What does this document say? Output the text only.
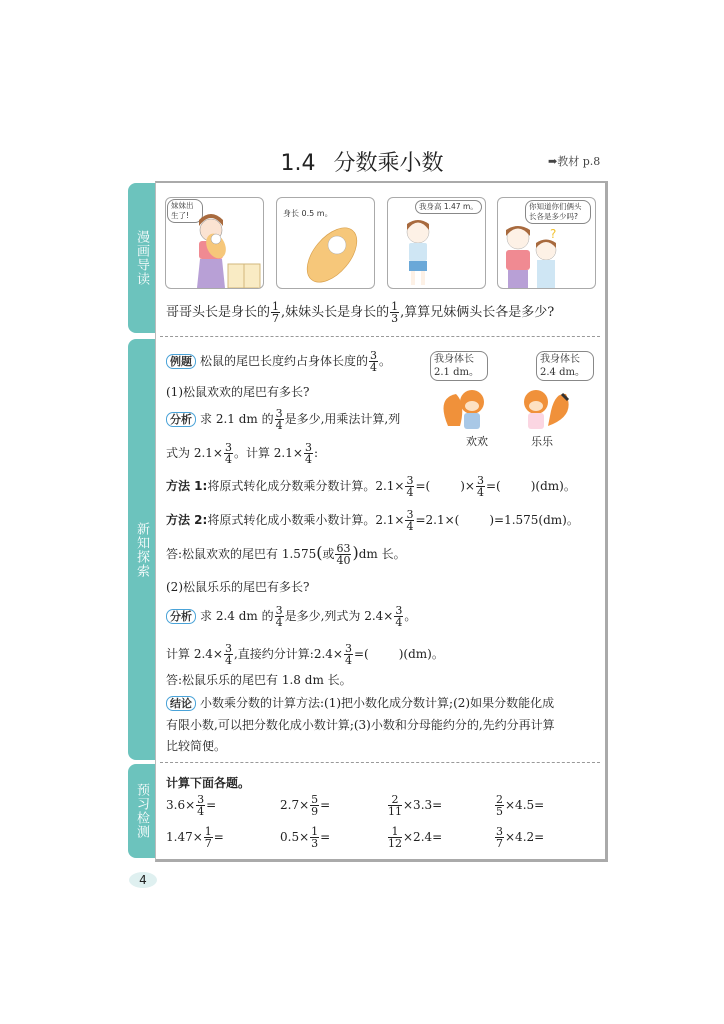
1.4 分数乘小数	➡教材 p.8
漫画导读
新知探索
预习检测
妹妹出生了!	身长 0.5 m。
我身高 1.47 m。	你知道你们俩头长各是多少吗?
?
哥哥头长是身长的 $\frac{1}{7}$ ,妹妹头长是身长的 $\frac{1}{3}$ ,算算兄妹俩头长各是多少?
例题 松鼠的尾巴长度约占身体长度的 $\frac{3}{4}$ 。	我身体长
2.1 dm。
我身体长
2.4 dm。
欢欢	乐乐
(1)松鼠欢欢的尾巴有多长?
分析 求 2.1 dm 的 $\frac{3}{4}$ 是多少,用乘法计算,列
式为 $2.1\times \frac{3}{4}$ 。计算 $2.1\times \frac{3}{4}$ :
方法 1:将原式转化成分数乘分数计算。$2.1\times \frac{3}{4}$ =(	)× $\frac{3}{4}$ =(	)(dm)。
方法 2:将原式转化成小数乘小数计算。$2.1\times \frac{3}{4} =2.1\times$(	)=1.575(dm)。
答:松鼠欢欢的尾巴有 1.575(或 $\frac{63}{40} )dm$ 长。
(2)松鼠乐乐的尾巴有多长?
分析 求 2.4 dm 的 $\frac{3}{4}$ 是多少,列式为 $2.4\times \frac{3}{4}$ 。
计算 $2.4\times \frac{3}{4}$ ,直接约分计算:2.4× $\frac{3}{4}$ =(	)(dm)。
答:松鼠乐乐的尾巴有 1.8 dm 长。
结论 小数乘分数的计算方法:(1)把小数化成分数计算;(2)如果分数能化成
有限小数,可以把分数化成小数计算;(3)小数和分母能约分的,先约分再计算
比较简便。
计算下面各题。
$3.6\times \frac{3}{4}$ =	$2.7\times \frac{5}{9}$ =	$\frac{2}{11} \times 3.3=$	$\frac{2}{5} \times 4.5=$
$1.47\times \frac{1}{7}$ =	$0.5\times \frac{1}{3}$ =	$\frac{1}{12} \times 2.4=$	$\frac{3}{7} \times 4.2=$
4
